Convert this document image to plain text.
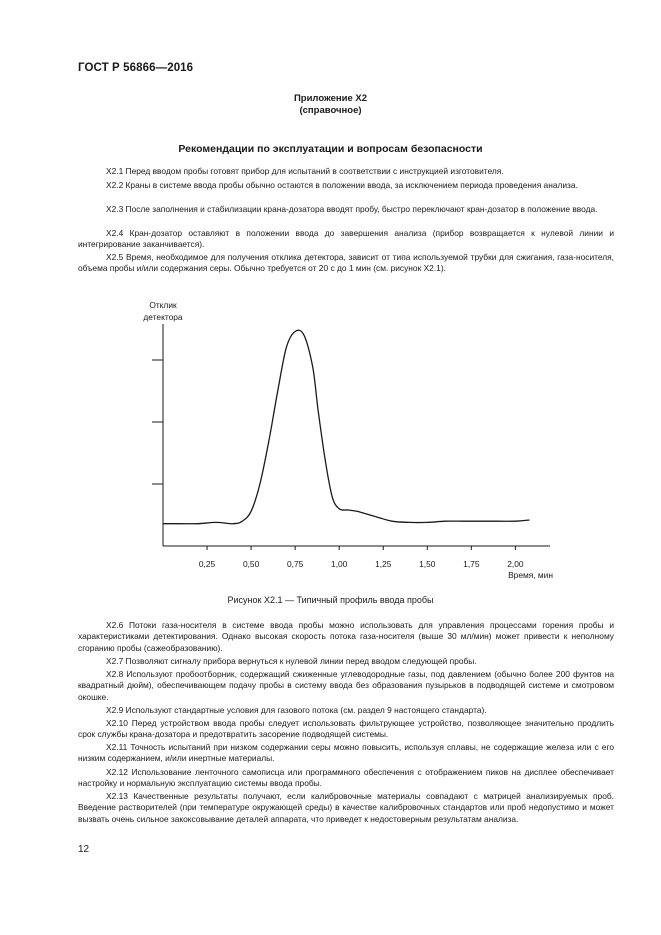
ГОСТ Р 56866—2016
Приложение Х2
(справочное)
Рекомендации по эксплуатации и вопросам безопасности

Х2.1 Перед вводом пробы готовят прибор для испытаний в соответствии с инструкцией изготовителя.

Х2.2 Краны в системе ввода пробы обычно остаются в положении ввода, за исключением периода проведения анализа.

Х2.3 После заполнения и стабилизации крана-дозатора вводят пробу, быстро переключают кран-дозатор в положение ввода.

Х2.4 Кран-дозатор оставляют в положении ввода до завершения анализа (прибор возвращается к нулевой линии и интегрирование заканчивается).

Х2.5 Время, необходимое для получения отклика детектора, зависит от типа используемой трубки для сжигания, газа-носителя, объема пробы и/или содержания серы. Обычно требуется от 20 с до 1 мин (см. рисунок Х2.1).

Отклик
детектора
0,25	0,50	0,75	1,00	1,25	1,50	1,75	2,00
Время, мин
Рисунок Х2.1 — Типичный профиль ввода пробы

Х2.6 Потоки газа-носителя в системе ввода пробы можно использовать для управления процессами горения пробы и характеристиками детектирования. Однако высокая скорость потока газа-носителя (выше 30 мл/мин) может привести к неполному сгоранию пробы (сажеобразованию).

Х2.7 Позволяют сигналу прибора вернуться к нулевой линии перед вводом следующей пробы.

Х2.8 Используют пробоотборник, содержащий сжиженные углеводородные газы, под давлением (обычно более 200 фунтов на квадратный дюйм), обеспечивающем подачу пробы в систему ввода без образования пузырьков в подводящей системе и смотровом окошке.

Х2.9 Используют стандартные условия для газового потока (см. раздел 9 настоящего стандарта).

Х2.10 Перед устройством ввода пробы следует использовать фильтрующее устройство, позволяющее значительно продлить срок службы крана-дозатора и предотвратить засорение подводящей системы.

Х2.11 Точность испытаний при низком содержании серы можно повысить, используя сплавы, не содержащие железа или с его низким содержанием, и/или инертные материалы.

Х2.12 Использование ленточного самописца или программного обеспечения с отображением пиков на дисплее обеспечивает настройку и нормальную эксплуатацию системы ввода пробы.

Х2.13 Качественные результаты получают, если калибровочные материалы совпадают с матрицей анализируемых проб. Введение растворителей (при температуре окружающей среды) в качестве калибровочных стандартов или проб недопустимо и может вызвать очень сильное закоксовывание деталей аппарата, что приведет к недостоверным результатам анализа.

12
